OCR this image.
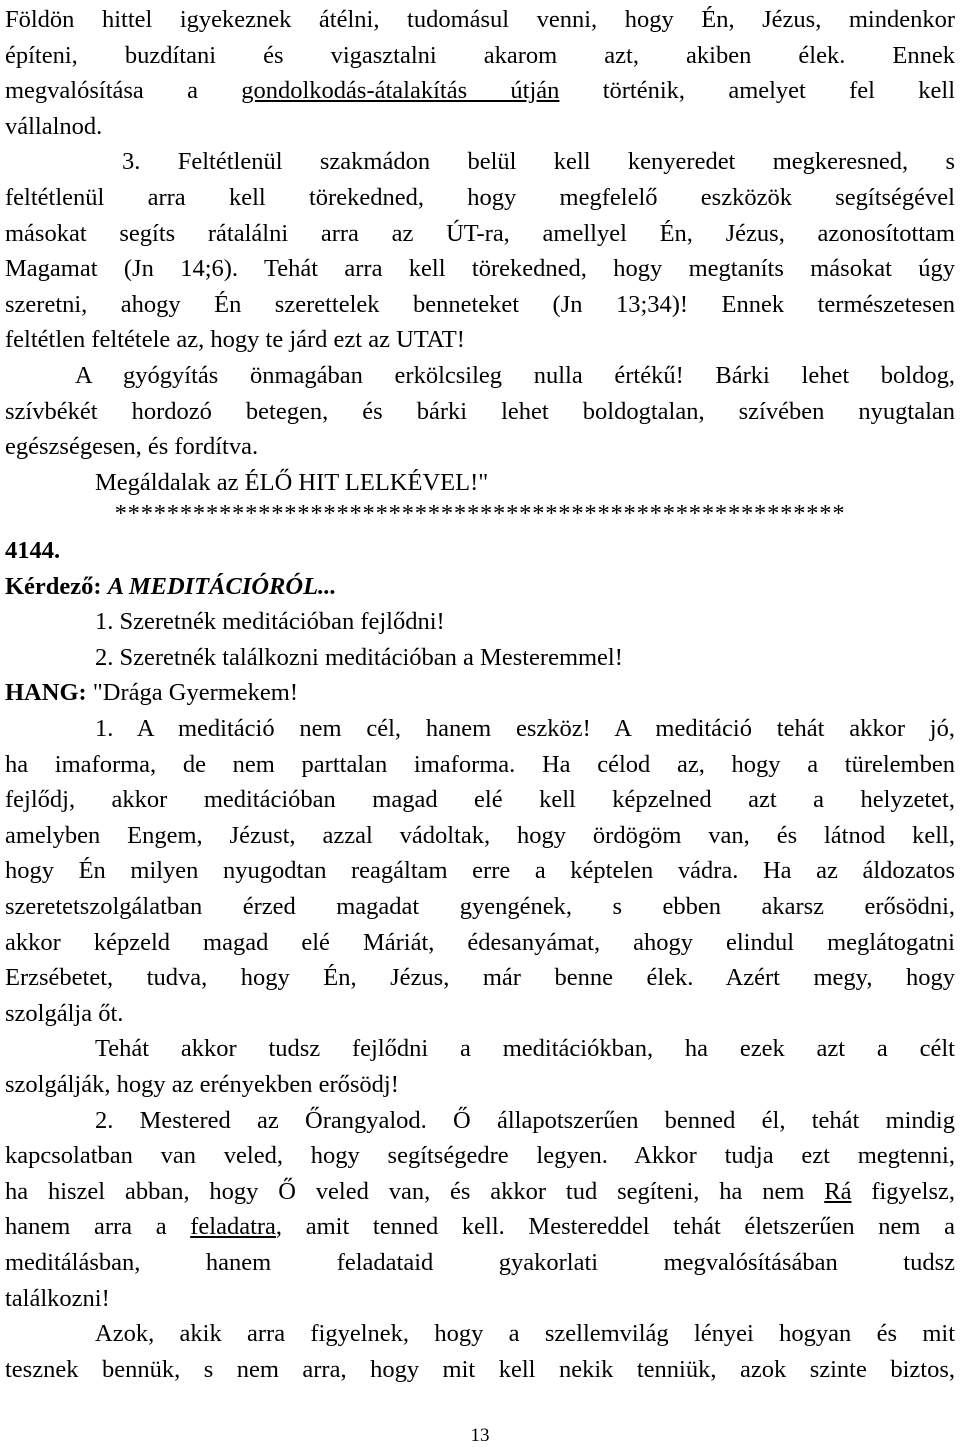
Földön hittel igyekeznek átélni, tudomásul venni, hogy Én, Jézus, mindenkor
építeni, buzdítani és vigasztalni akarom azt, akiben élek. Ennek
megvalósítása a gondolkodás-átalakítás útján történik, amelyet fel kell
vállalnod.
3. Feltétlenül szakmádon belül kell kenyeredet megkeresned, s
feltétlenül arra kell törekedned, hogy megfelelő eszközök segítségével
másokat segíts rátalálni arra az ÚT-ra, amellyel Én, Jézus, azonosítottam
Magamat (Jn 14;6). Tehát arra kell törekedned, hogy megtaníts másokat úgy
szeretni, ahogy Én szerettelek benneteket (Jn 13;34)! Ennek természetesen
feltétlen feltétele az, hogy te járd ezt az UTAT!
A gyógyítás önmagában erkölcsileg nulla értékű! Bárki lehet boldog,
szívbékét hordozó betegen, és bárki lehet boldogtalan, szívében nyugtalan
egészségesen, és fordítva.
Megáldalak az ÉLŐ HIT LELKÉVEL!"
********************************************************
4144.
Kérdező: A MEDITÁCIÓRÓL...
1. Szeretnék meditációban fejlődni!
2. Szeretnék találkozni meditációban a Mesteremmel!
HANG: "Drága Gyermekem!
1. A meditáció nem cél, hanem eszköz! A meditáció tehát akkor jó,
ha imaforma, de nem parttalan imaforma. Ha célod az, hogy a türelemben
fejlődj, akkor meditációban magad elé kell képzelned azt a helyzetet,
amelyben Engem, Jézust, azzal vádoltak, hogy ördögöm van, és látnod kell,
hogy Én milyen nyugodtan reagáltam erre a képtelen vádra. Ha az áldozatos
szeretetszolgálatban érzed magadat gyengének, s ebben akarsz erősödni,
akkor képzeld magad elé Máriát, édesanyámat, ahogy elindul meglátogatni
Erzsébetet, tudva, hogy Én, Jézus, már benne élek. Azért megy, hogy
szolgálja őt.
Tehát akkor tudsz fejlődni a meditációkban, ha ezek azt a célt
szolgálják, hogy az erényekben erősödj!
2. Mestered az Őrangyalod. Ő állapotszerűen benned él, tehát mindig
kapcsolatban van veled, hogy segítségedre legyen. Akkor tudja ezt megtenni,
ha hiszel abban, hogy Ő veled van, és akkor tud segíteni, ha nem Rá figyelsz,
hanem arra a feladatra, amit tenned kell. Mestereddel tehát életszerűen nem a
meditálásban, hanem feladataid gyakorlati megvalósításában tudsz
találkozni!
Azok, akik arra figyelnek, hogy a szellemvilág lényei hogyan és mit
tesznek bennük, s nem arra, hogy mit kell nekik tenniük, azok szinte biztos,
13
